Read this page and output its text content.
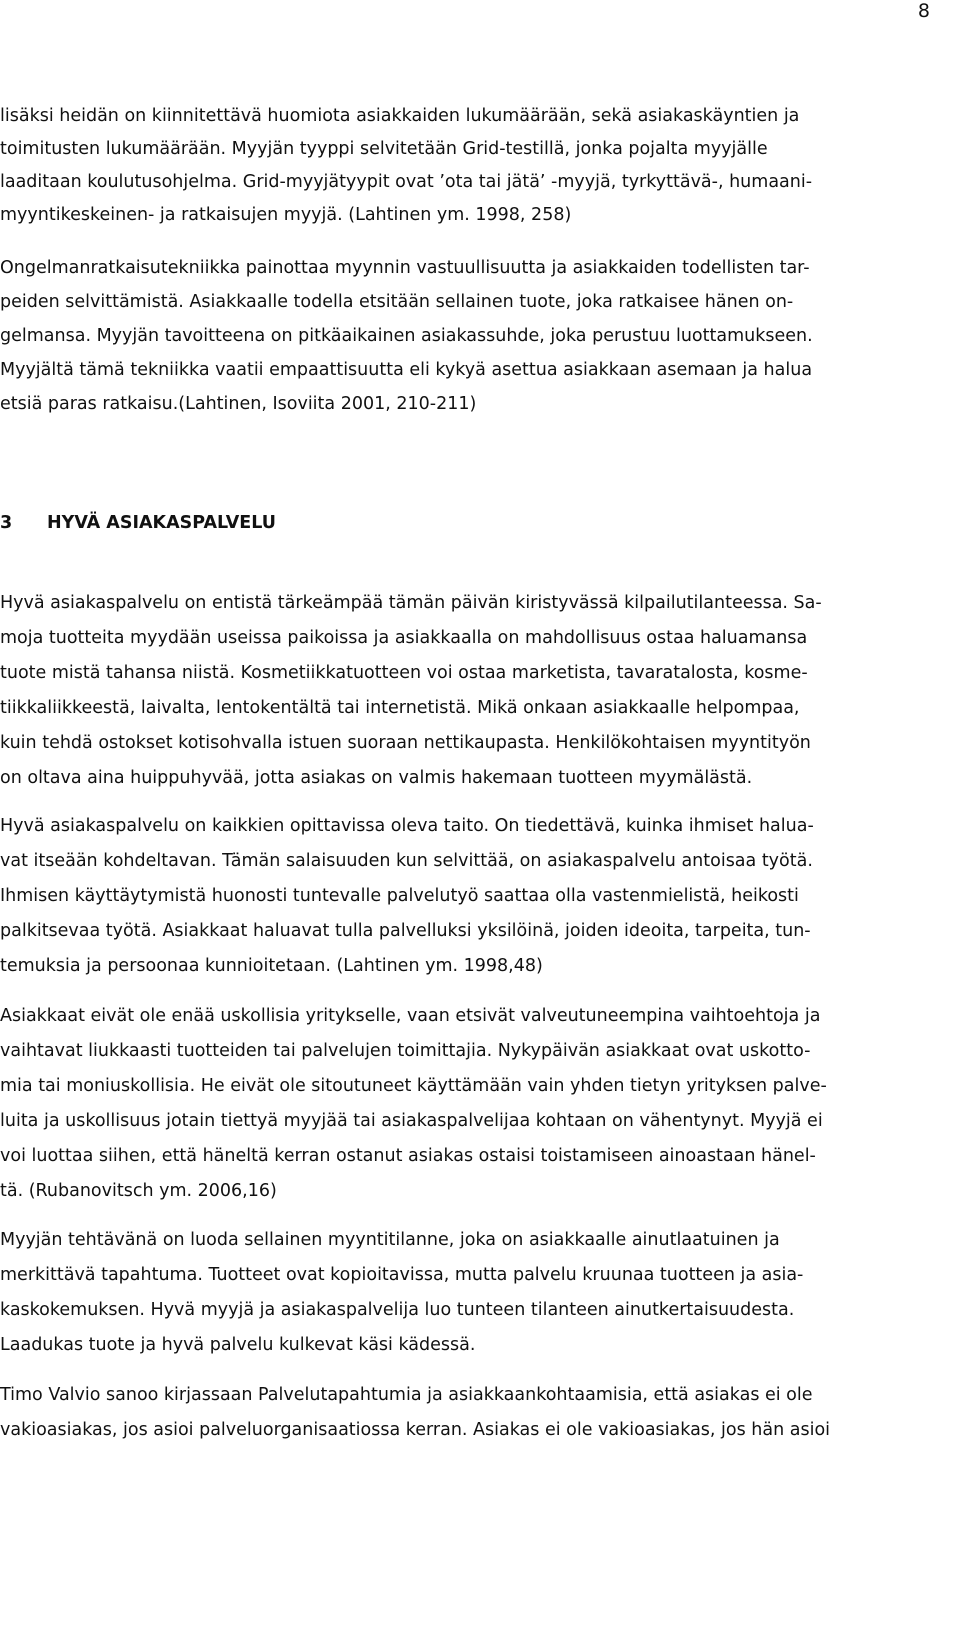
8
lisäksi heidän on kiinnitettävä huomiota asiakkaiden lukumäärään, sekä asiakaskäyntien ja
toimitusten lukumäärään. Myyjän tyyppi selvitetään Grid-testillä, jonka pojalta myyjälle
laaditaan koulutusohjelma. Grid-myyjätyypit ovat ’ota tai jätä’ -myyjä, tyrkyttävä-, humaani-
myyntikeskeinen- ja ratkaisujen myyjä. (Lahtinen ym. 1998, 258)
Ongelmanratkaisutekniikka painottaa myynnin vastuullisuutta ja asiakkaiden todellisten tar-
peiden selvittämistä. Asiakkaalle todella etsitään sellainen tuote, joka ratkaisee hänen on-
gelmansa. Myyjän tavoitteena on pitkäaikainen asiakassuhde, joka perustuu luottamukseen.
Myyjältä tämä tekniikka vaatii empaattisuutta eli kykyä asettua asiakkaan asemaan ja halua
etsiä paras ratkaisu.(Lahtinen, Isoviita 2001, 210-211)
3 HYVÄ ASIAKASPALVELU
Hyvä asiakaspalvelu on entistä tärkeämpää tämän päivän kiristyvässä kilpailutilanteessa. Sa-
moja tuotteita myydään useissa paikoissa ja asiakkaalla on mahdollisuus ostaa haluamansa
tuote mistä tahansa niistä. Kosmetiikkatuotteen voi ostaa marketista, tavaratalosta, kosme-
tiikkaliikkeestä, laivalta, lentokentältä tai internetistä. Mikä onkaan asiakkaalle helpompaa,
kuin tehdä ostokset kotisohvalla istuen suoraan nettikaupasta. Henkilökohtaisen myyntityön
on oltava aina huippuhyvää, jotta asiakas on valmis hakemaan tuotteen myymälästä.
Hyvä asiakaspalvelu on kaikkien opittavissa oleva taito. On tiedettävä, kuinka ihmiset halua-
vat itseään kohdeltavan. Tämän salaisuuden kun selvittää, on asiakaspalvelu antoisaa työtä.
Ihmisen käyttäytymistä huonosti tuntevalle palvelutyö saattaa olla vastenmielistä, heikosti
palkitsevaa työtä. Asiakkaat haluavat tulla palvelluksi yksilöinä, joiden ideoita, tarpeita, tun-
temuksia ja persoonaa kunnioitetaan. (Lahtinen ym. 1998,48)
Asiakkaat eivät ole enää uskollisia yritykselle, vaan etsivät valveutuneempina vaihtoehtoja ja
vaihtavat liukkaasti tuotteiden tai palvelujen toimittajia. Nykypäivän asiakkaat ovat uskotto-
mia tai moniuskollisia. He eivät ole sitoutuneet käyttämään vain yhden tietyn yrityksen palve-
luita ja uskollisuus jotain tiettyä myyjää tai asiakaspalvelijaa kohtaan on vähentynyt. Myyjä ei
voi luottaa siihen, että häneltä kerran ostanut asiakas ostaisi toistamiseen ainoastaan hänel-
tä. (Rubanovitsch ym. 2006,16)
Myyjän tehtävänä on luoda sellainen myyntitilanne, joka on asiakkaalle ainutlaatuinen ja
merkittävä tapahtuma. Tuotteet ovat kopioitavissa, mutta palvelu kruunaa tuotteen ja asia-
kaskokemuksen. Hyvä myyjä ja asiakaspalvelija luo tunteen tilanteen ainutkertaisuudesta.
Laadukas tuote ja hyvä palvelu kulkevat käsi kädessä.
Timo Valvio sanoo kirjassaan Palvelutapahtumia ja asiakkaankohtaamisia, että asiakas ei ole
vakioasiakas, jos asioi palveluorganisaatiossa kerran. Asiakas ei ole vakioasiakas, jos hän asioi
